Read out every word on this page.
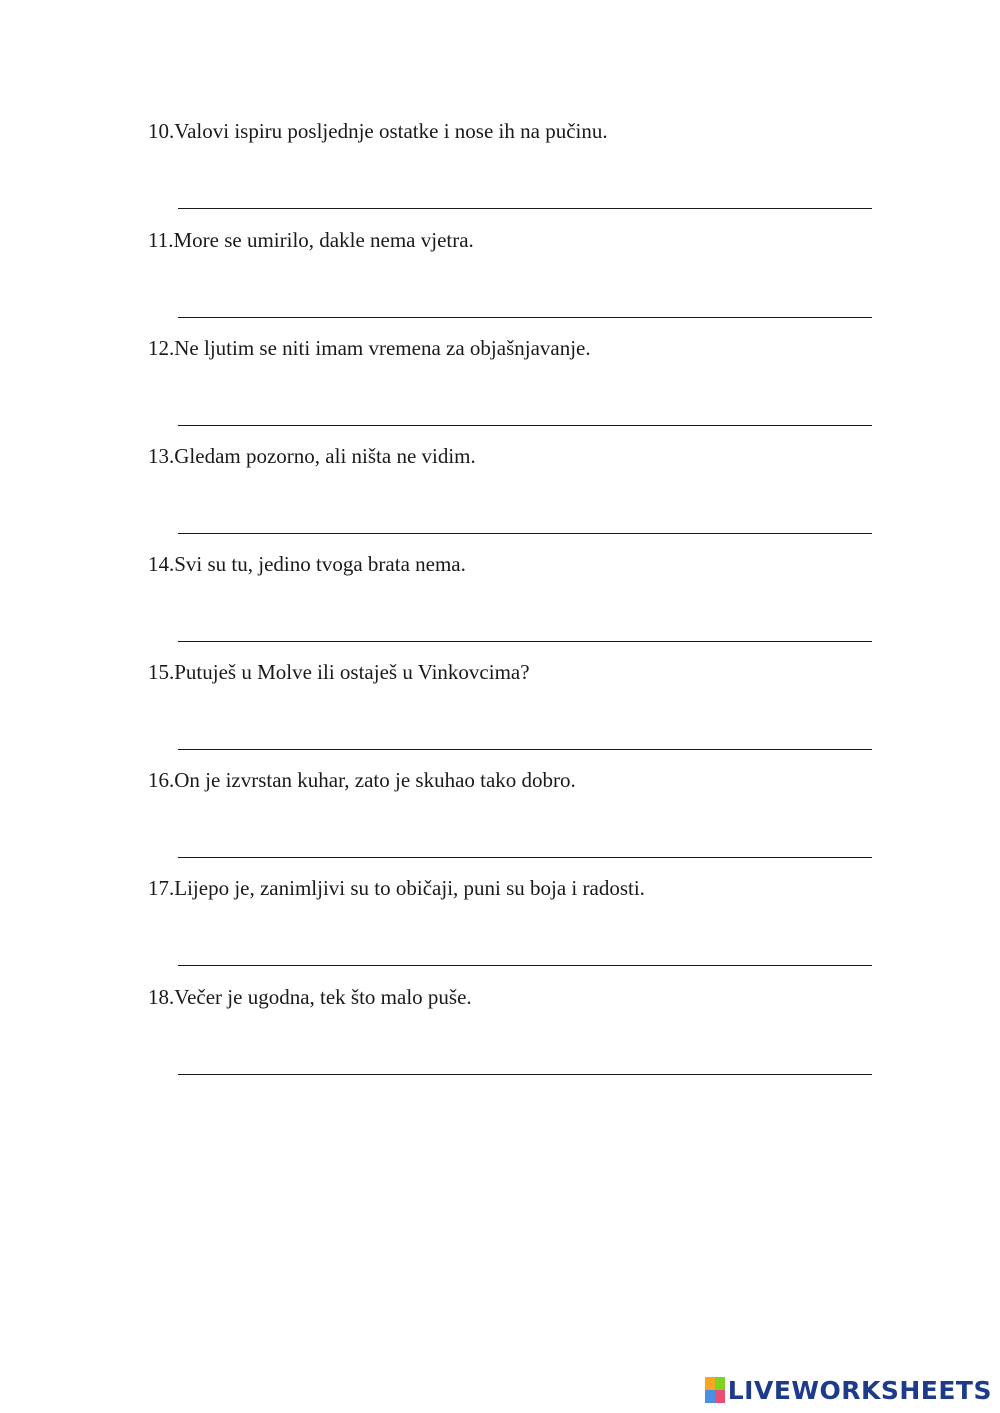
10.Valovi ispiru posljednje ostatke i nose ih na pučinu.
11.More se umirilo, dakle nema vjetra.
12.Ne ljutim se niti imam vremena za objašnjavanje.
13.Gledam pozorno, ali ništa ne vidim.
14.Svi su tu, jedino tvoga brata nema.
15.Putuješ u Molve ili ostaješ u Vinkovcima?
16.On je izvrstan kuhar, zato je skuhao tako dobro.
17.Lijepo je, zanimljivi su to običaji, puni su boja i radosti.
18.Večer je ugodna, tek što malo puše.
LIVEWORKSHEETS
